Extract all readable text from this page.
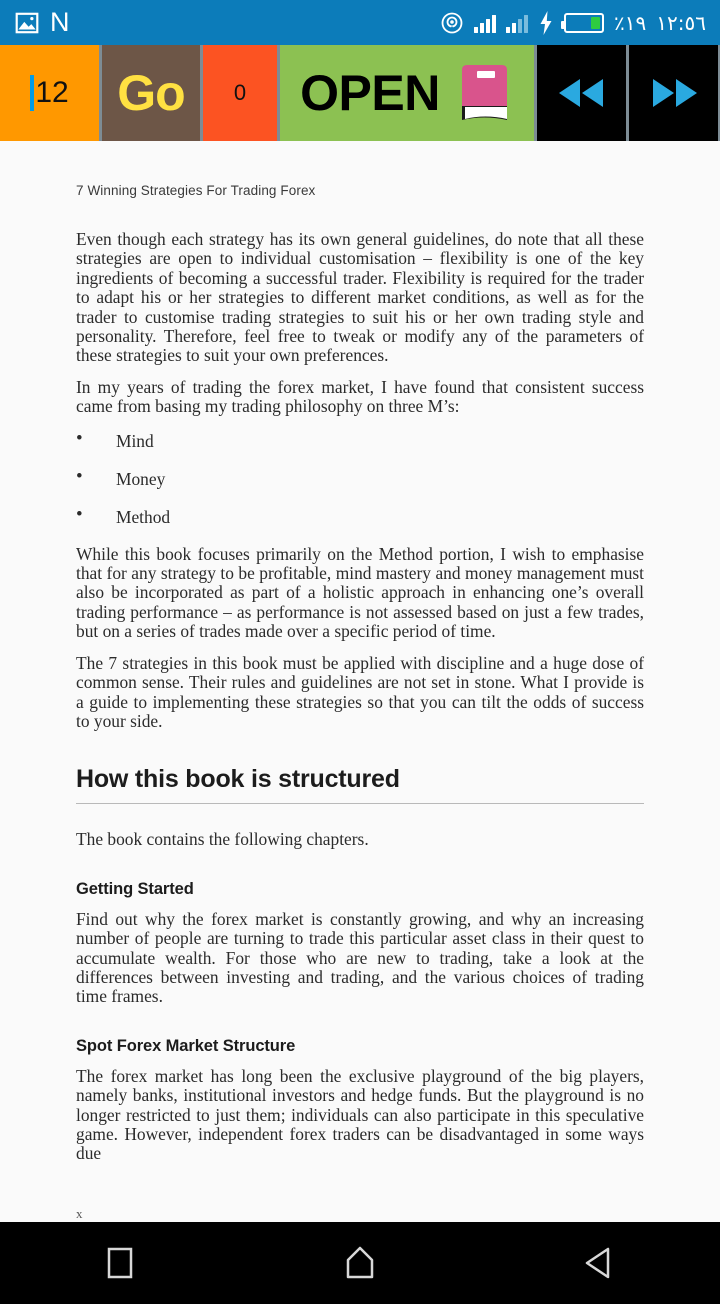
N	٪١٩ ١٢:٥٦
12 Go 0 OPEN
7 Winning Strategies For Trading Forex

Even though each strategy has its own general guidelines, do note that all these strategies are open to individual customisation – flexibility is one of the key ingredients of becoming a successful trader. Flexibility is required for the trader to adapt his or her strategies to different market conditions, as well as for the trader to customise trading strategies to suit his or her own trading style and personality. Therefore, feel free to tweak or modify any of the parameters of these strategies to suit your own preferences.

In my years of trading the forex market, I have found that consistent success came from basing my trading philosophy on three M’s:

• Mind
• Money
• Method

While this book focuses primarily on the Method portion, I wish to emphasise that for any strategy to be profitable, mind mastery and money management must also be incorporated as part of a holistic approach in enhancing one’s overall trading performance – as performance is not assessed based on just a few trades, but on a series of trades made over a specific period of time.

The 7 strategies in this book must be applied with discipline and a huge dose of common sense. Their rules and guidelines are not set in stone. What I provide is a guide to implementing these strategies so that you can tilt the odds of success to your side.

How this book is structured

The book contains the following chapters.

Getting Started

Find out why the forex market is constantly growing, and why an increasing number of people are turning to trade this particular asset class in their quest to accumulate wealth. For those who are new to trading, take a look at the differences between investing and trading, and the various choices of trading time frames.

Spot Forex Market Structure

The forex market has long been the exclusive playground of the big players, namely banks, institutional investors and hedge funds. But the playground is no longer restricted to just them; individuals can also participate in this speculative game. However, independent forex traders can be disadvantaged in some ways due

x
